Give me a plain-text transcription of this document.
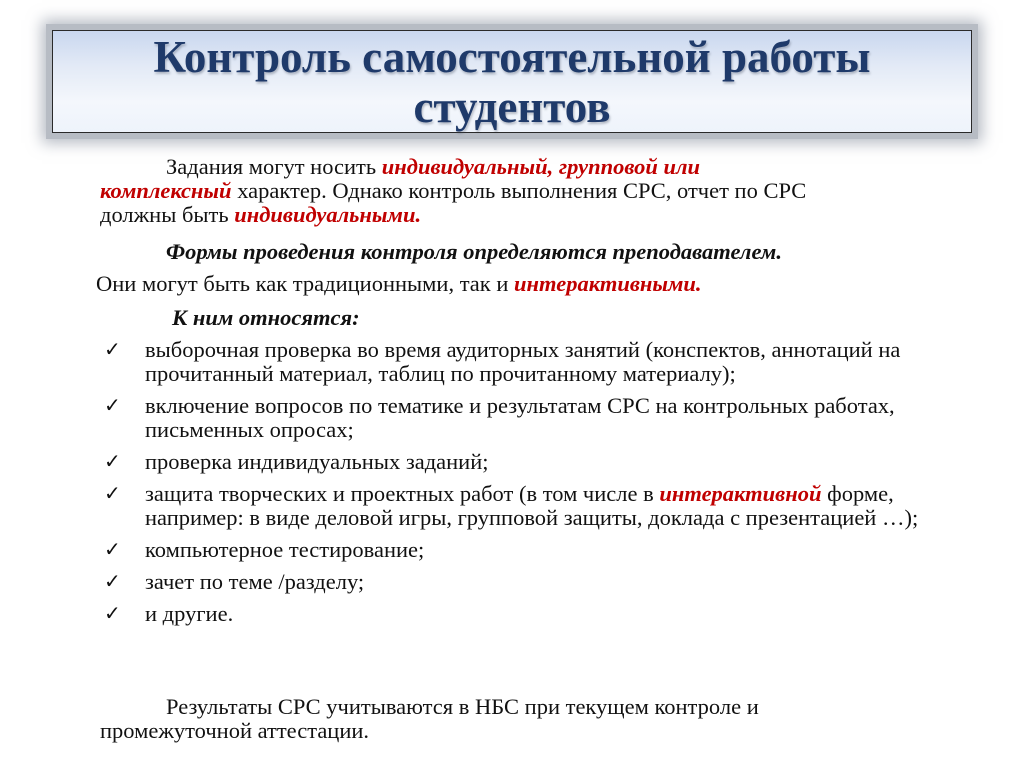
Контроль самостоятельной работы
студентов
Задания могут носить индивидуальный, групповой или
комплексный характер. Однако контроль выполнения СРС, отчет по СРС
должны быть индивидуальными.
Формы проведения контроля определяются преподавателем.
Они могут быть как традиционными, так и интерактивными.
К ним относятся:
✓ выборочная проверка во время аудиторных занятий (конспектов, аннотаций на прочитанный материал, таблиц по прочитанному материалу);
✓ включение вопросов по тематике и результатам СРС на контрольных работах, письменных опросах;
✓ проверка индивидуальных заданий;
✓ защита творческих и проектных работ (в том числе в интерактивной форме, например: в виде деловой игры, групповой защиты, доклада с презентацией …);
✓ компьютерное тестирование;
✓ зачет по теме /разделу;
✓ и другие.
Результаты СРС учитываются в НБС при текущем контроле и
промежуточной аттестации.
